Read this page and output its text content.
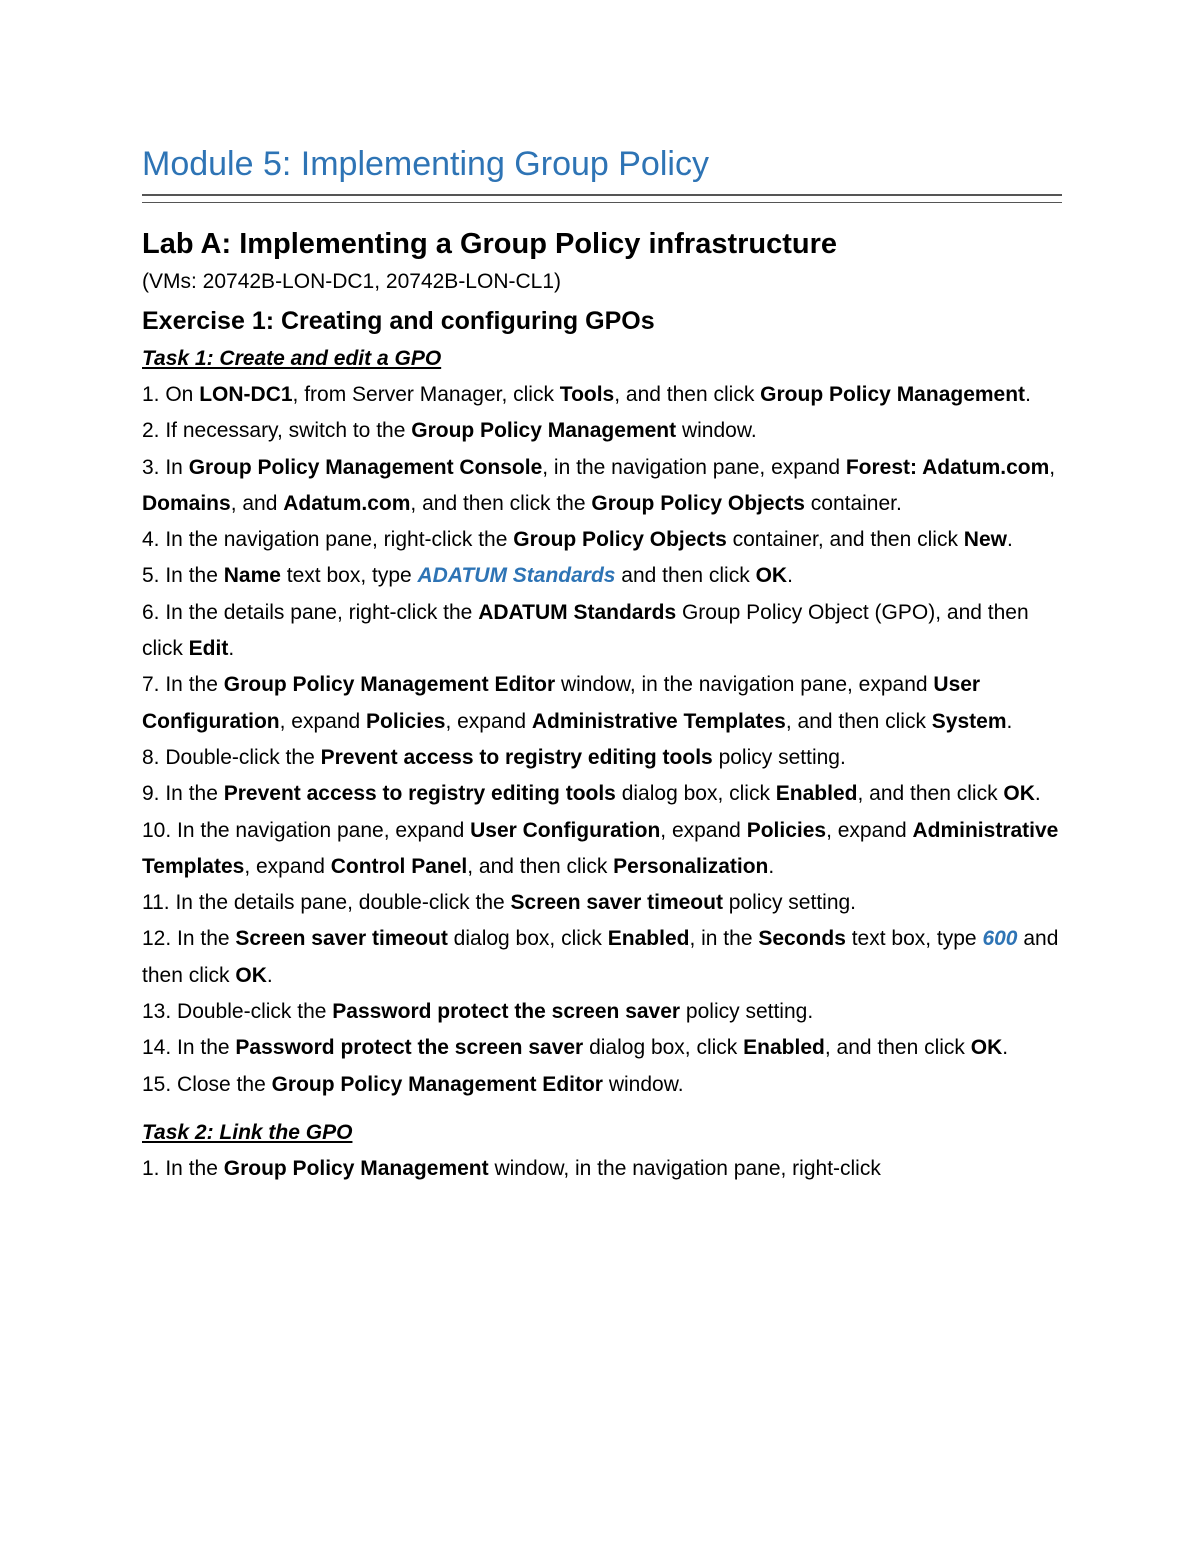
Module 5: Implementing Group Policy
Lab A: Implementing a Group Policy infrastructure
(VMs: 20742B-LON-DC1, 20742B-LON-CL1)
Exercise 1: Creating and configuring GPOs
Task 1: Create and edit a GPO

1. On LON-DC1, from Server Manager, click Tools, and then click Group Policy Management.

2. If necessary, switch to the Group Policy Management window.

3. In Group Policy Management Console, in the navigation pane, expand Forest: Adatum.com, Domains, and Adatum.com, and then click the Group Policy Objects container.

4. In the navigation pane, right-click the Group Policy Objects container, and then click New.

5. In the Name text box, type ADATUM Standards and then click OK.

6. In the details pane, right-click the ADATUM Standards Group Policy Object (GPO), and then click Edit.

7. In the Group Policy Management Editor window, in the navigation pane, expand User Configuration, expand Policies, expand Administrative Templates, and then click System.

8. Double-click the Prevent access to registry editing tools policy setting.

9. In the Prevent access to registry editing tools dialog box, click Enabled, and then click OK.

10. In the navigation pane, expand User Configuration, expand Policies, expand Administrative Templates, expand Control Panel, and then click Personalization.

11. In the details pane, double-click the Screen saver timeout policy setting.

12. In the Screen saver timeout dialog box, click Enabled, in the Seconds text box, type 600 and then click OK.

13. Double-click the Password protect the screen saver policy setting.

14. In the Password protect the screen saver dialog box, click Enabled, and then click OK.

15. Close the Group Policy Management Editor window.

Task 2: Link the GPO

1. In the Group Policy Management window, in the navigation pane, right-click
